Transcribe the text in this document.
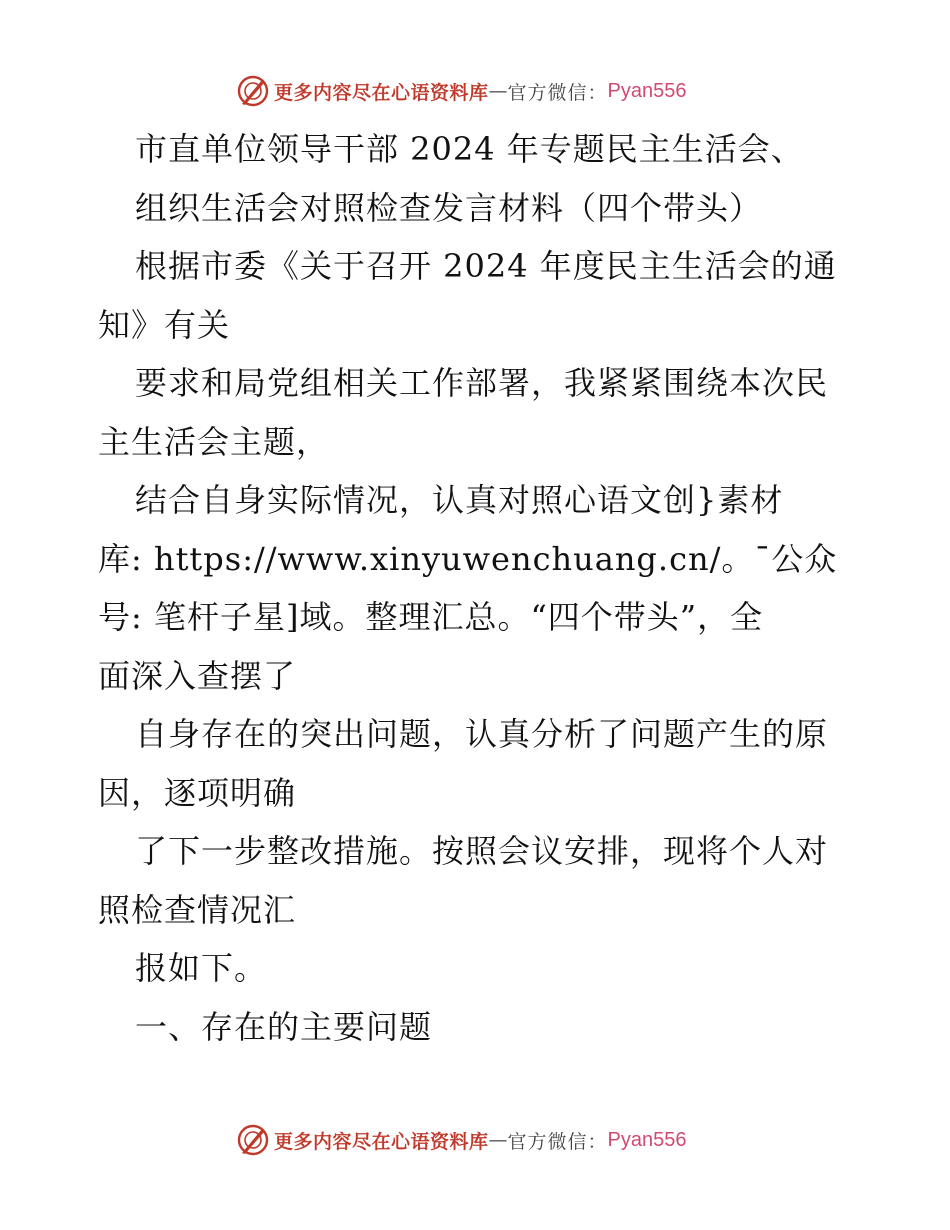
更多内容尽在心语资料库 — 官方微信： Pyan556
市直单位领导干部 2024 年专题民主生活会、
组织生活会对照检查发言材料（四个带头）
根据市委《关于召开 2024 年度民主生活会的通
知》有关
要求和局党组相关工作部署，我紧紧围绕本次民
主生活会主题，
结合自身实际情况，认真对照心语文创}素材
库: https://www.xinyuwenchuang.cn/。¯公众
号: 笔杆子星]域。整理汇总。“四个带头”，全
面深入查摆了
自身存在的突出问题，认真分析了问题产生的原
因，逐项明确
了下一步整改措施。按照会议安排，现将个人对
照检查情况汇
报如下。
一、存在的主要问题
更多内容尽在心语资料库 — 官方微信： Pyan556
